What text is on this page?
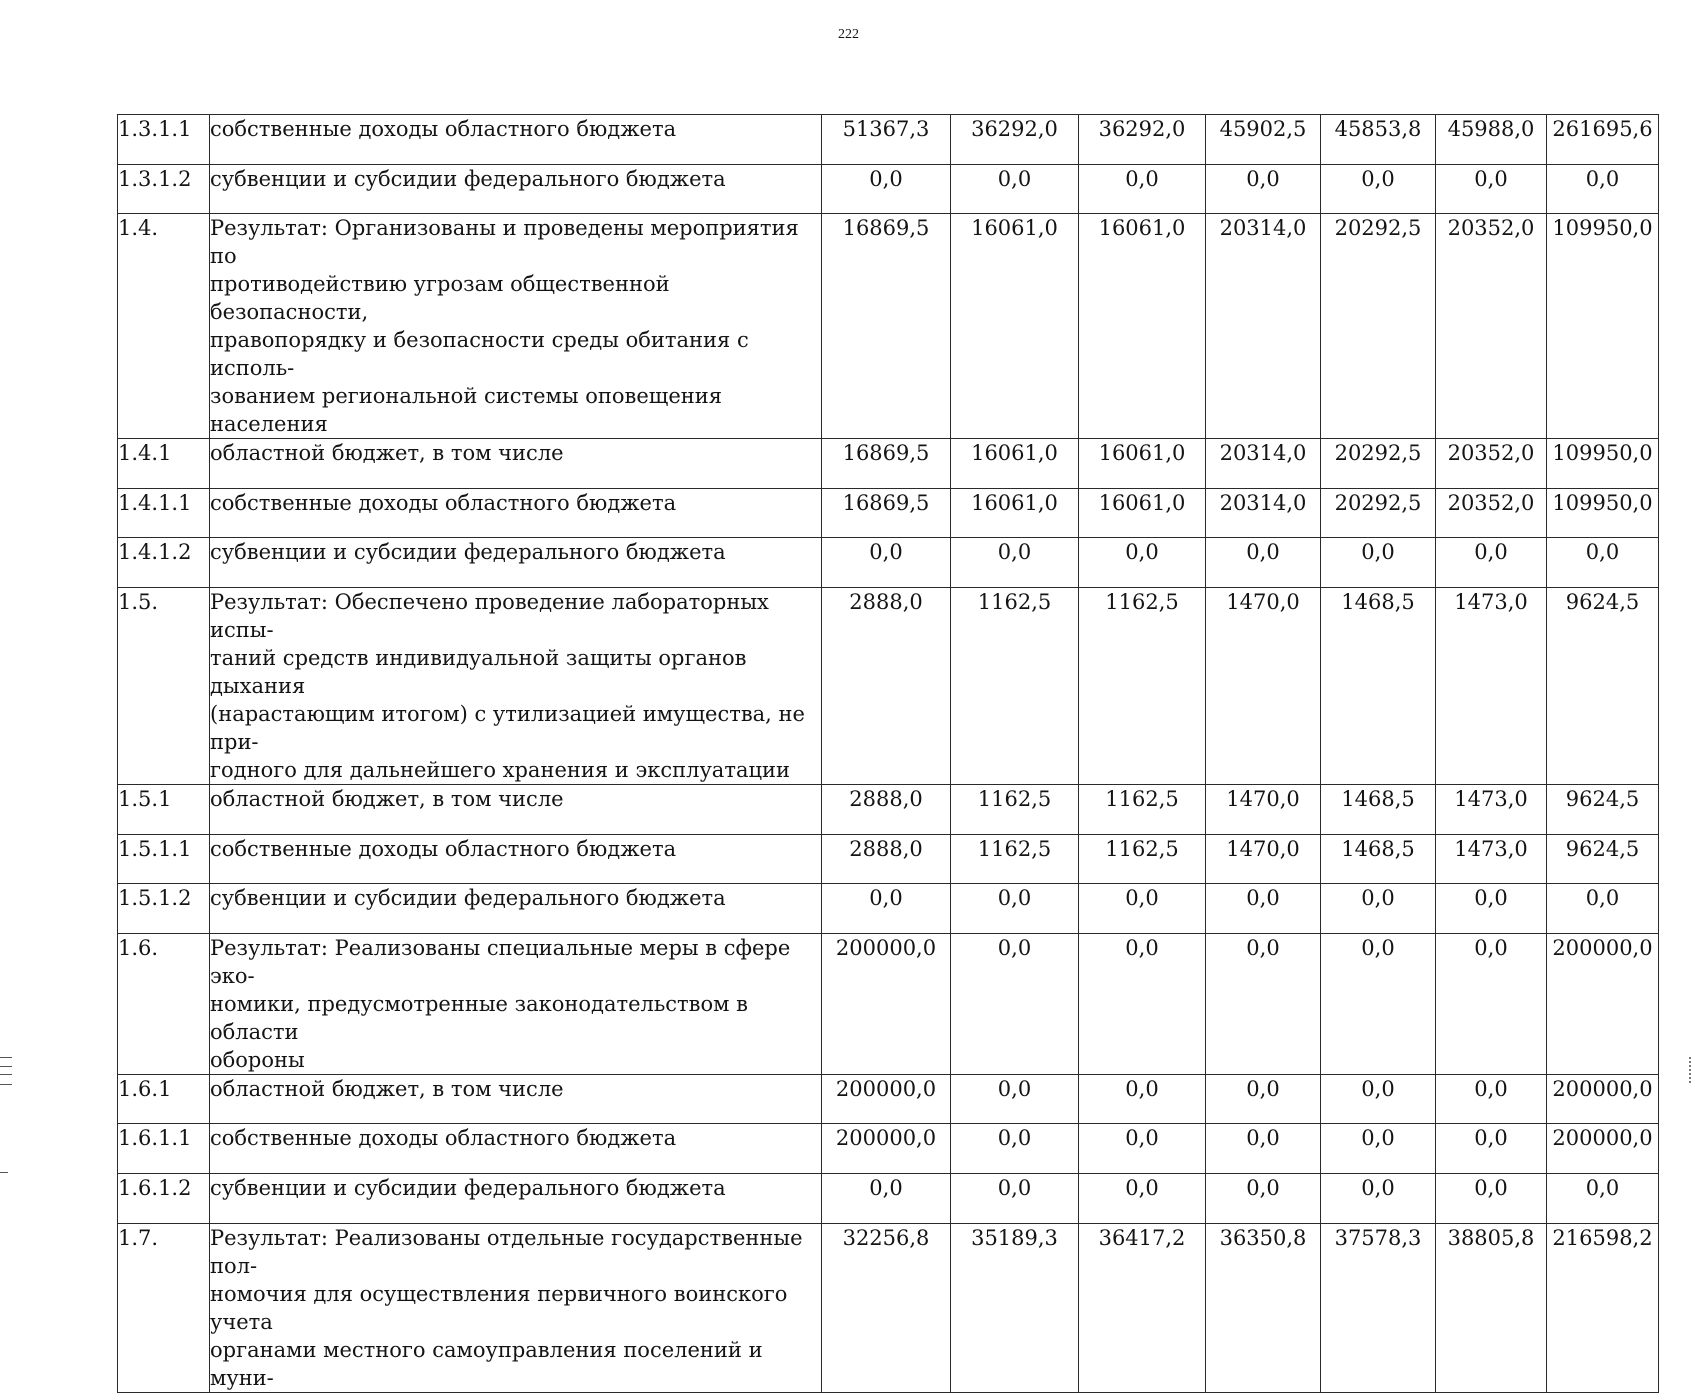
222
1.3.1.1	собственные доходы областного бюджета	51367,3	36292,0	36292,0	45902,5	45853,8	45988,0	261695,6
1.3.1.2	субвенции и субсидии федерального бюджета	0,0	0,0	0,0	0,0	0,0	0,0	0,0
1.4.	Результат: Организованы и проведены мероприятия по
противодействию угрозам общественной безопасности,
правопорядку и безопасности среды обитания с исполь-
зованием региональной системы оповещения населения	16869,5	16061,0	16061,0	20314,0	20292,5	20352,0	109950,0
1.4.1	областной бюджет, в том числе	16869,5	16061,0	16061,0	20314,0	20292,5	20352,0	109950,0
1.4.1.1	собственные доходы областного бюджета	16869,5	16061,0	16061,0	20314,0	20292,5	20352,0	109950,0
1.4.1.2	субвенции и субсидии федерального бюджета	0,0	0,0	0,0	0,0	0,0	0,0	0,0
1.5.	Результат: Обеспечено проведение лабораторных испы-
таний средств индивидуальной защиты органов дыхания
(нарастающим итогом) с утилизацией имущества, не при-
годного для дальнейшего хранения и эксплуатации	2888,0	1162,5	1162,5	1470,0	1468,5	1473,0	9624,5
1.5.1	областной бюджет, в том числе	2888,0	1162,5	1162,5	1470,0	1468,5	1473,0	9624,5
1.5.1.1	собственные доходы областного бюджета	2888,0	1162,5	1162,5	1470,0	1468,5	1473,0	9624,5
1.5.1.2	субвенции и субсидии федерального бюджета	0,0	0,0	0,0	0,0	0,0	0,0	0,0
1.6.	Результат: Реализованы специальные меры в сфере эко-
номики, предусмотренные законодательством в области
обороны	200000,0	0,0	0,0	0,0	0,0	0,0	200000,0
1.6.1	областной бюджет, в том числе	200000,0	0,0	0,0	0,0	0,0	0,0	200000,0
1.6.1.1	собственные доходы областного бюджета	200000,0	0,0	0,0	0,0	0,0	0,0	200000,0
1.6.1.2	субвенции и субсидии федерального бюджета	0,0	0,0	0,0	0,0	0,0	0,0	0,0
1.7.	Результат: Реализованы отдельные государственные пол-
номочия для осуществления первичного воинского учета
органами местного самоуправления поселений и муни-	32256,8	35189,3	36417,2	36350,8	37578,3	38805,8	216598,2
